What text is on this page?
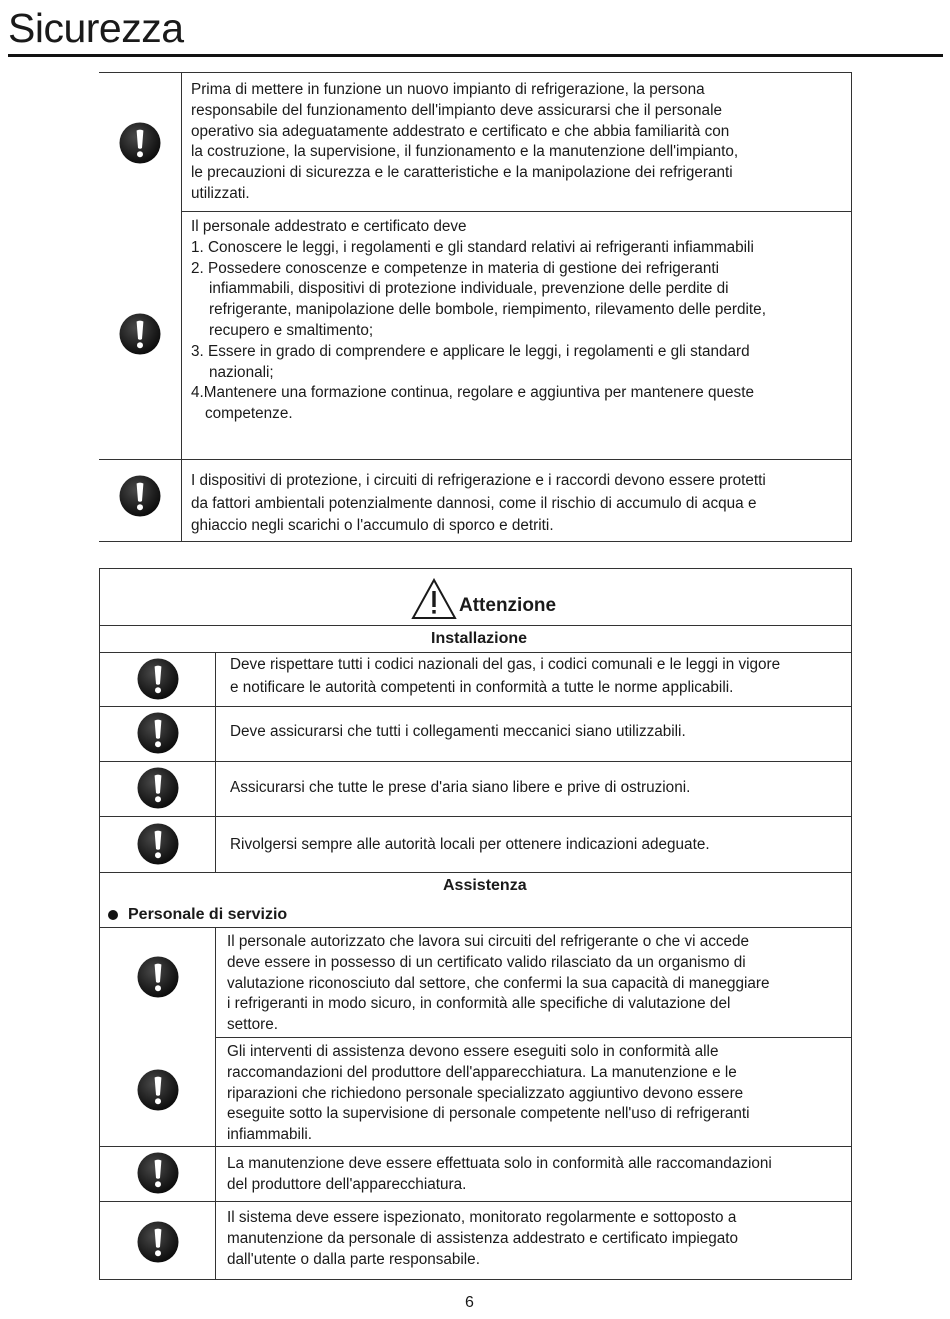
Sicurezza
Prima di mettere in funzione un nuovo impianto di refrigerazione, la persona
responsabile del funzionamento dell'impianto deve assicurarsi che il personale
operativo sia adeguatamente addestrato e certificato e che abbia familiarità con
la costruzione, la supervisione, il funzionamento e la manutenzione dell'impianto,
le precauzioni di sicurezza e le caratteristiche e la manipolazione dei refrigeranti
utilizzati.
Il personale addestrato e certificato deve
1. Conoscere le leggi, i regolamenti e gli standard relativi ai refrigeranti infiammabili
2. Possedere conoscenze e competenze in materia di gestione dei refrigeranti
infiammabili, dispositivi di protezione individuale, prevenzione delle perdite di
refrigerante, manipolazione delle bombole, riempimento, rilevamento delle perdite,
recupero e smaltimento;
3. Essere in grado di comprendere e applicare le leggi, i regolamenti e gli standard
nazionali;
4.Mantenere una formazione continua, regolare e aggiuntiva per mantenere queste
competenze.
I dispositivi di protezione, i circuiti di refrigerazione e i raccordi devono essere protetti
da fattori ambientali potenzialmente dannosi, come il rischio di accumulo di acqua e
ghiaccio negli scarichi o l'accumulo di sporco e detriti.
Attenzione
Installazione
Deve rispettare tutti i codici nazionali del gas, i codici comunali e le leggi in vigore
e notificare le autorità competenti in conformità a tutte le norme applicabili.
Deve assicurarsi che tutti i collegamenti meccanici siano utilizzabili.
Assicurarsi che tutte le prese d'aria siano libere e prive di ostruzioni.
Rivolgersi sempre alle autorità locali per ottenere indicazioni adeguate.
Assistenza
Personale di servizio
Il personale autorizzato che lavora sui circuiti del refrigerante o che vi accede
deve essere in possesso di un certificato valido rilasciato da un organismo di
valutazione riconosciuto dal settore, che confermi la sua capacità di maneggiare
i refrigeranti in modo sicuro, in conformità alle specifiche di valutazione del
settore.
Gli interventi di assistenza devono essere eseguiti solo in conformità alle
raccomandazioni del produttore dell'apparecchiatura. La manutenzione e le
riparazioni che richiedono personale specializzato aggiuntivo devono essere
eseguite sotto la supervisione di personale competente nell'uso di refrigeranti
infiammabili.
La manutenzione deve essere effettuata solo in conformità alle raccomandazioni
del produttore dell'apparecchiatura.
Il sistema deve essere ispezionato, monitorato regolarmente e sottoposto a
manutenzione da personale di assistenza addestrato e certificato impiegato
dall'utente o dalla parte responsabile.
6
